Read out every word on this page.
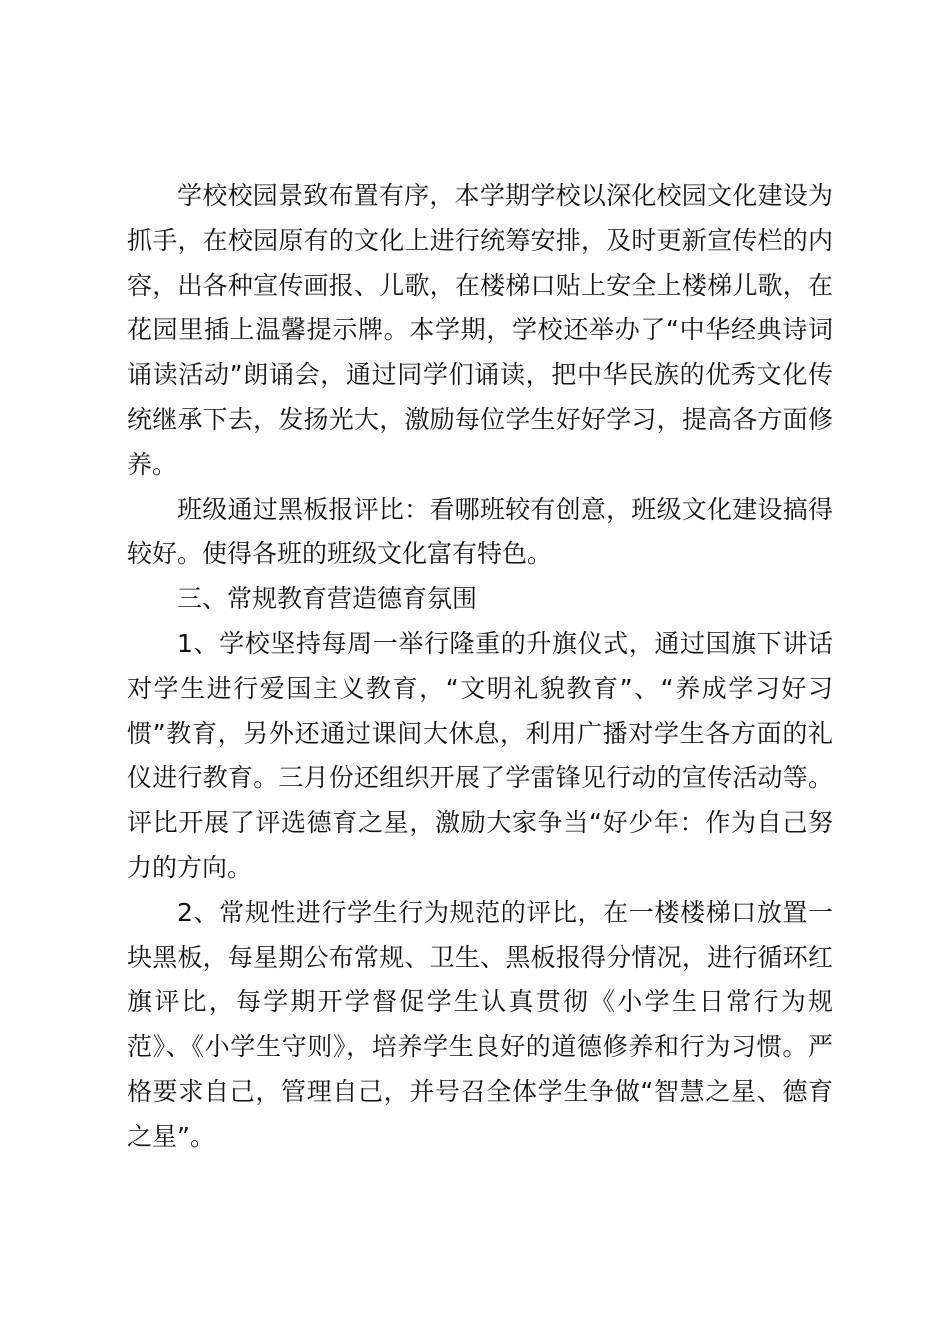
学校校园景致布置有序，本学期学校以深化校园文化建设为抓手，在校园原有的文化上进行统筹安排，及时更新宣传栏的内容，出各种宣传画报、儿歌，在楼梯口贴上安全上楼梯儿歌，在花园里插上温馨提示牌。本学期，学校还举办了“中华经典诗词诵读活动”朗诵会，通过同学们诵读，把中华民族的优秀文化传统继承下去，发扬光大，激励每位学生好好学习，提高各方面修养。

班级通过黑板报评比：看哪班较有创意，班级文化建设搞得较好。使得各班的班级文化富有特色。

三、常规教育营造德育氛围

1、学校坚持每周一举行隆重的升旗仪式，通过国旗下讲话对学生进行爱国主义教育，“文明礼貌教育”、“养成学习好习惯”教育，另外还通过课间大休息，利用广播对学生各方面的礼仪进行教育。三月份还组织开展了学雷锋见行动的宣传活动等。评比开展了评选德育之星，激励大家争当“好少年：作为自己努力的方向。

2、常规性进行学生行为规范的评比，在一楼楼梯口放置一块黑板，每星期公布常规、卫生、黑板报得分情况，进行循环红旗评比，每学期开学督促学生认真贯彻《小学生日常行为规范》、《小学生守则》，培养学生良好的道德修养和行为习惯。严格要求自己，管理自己，并号召全体学生争做“智慧之星、德育之星”。
